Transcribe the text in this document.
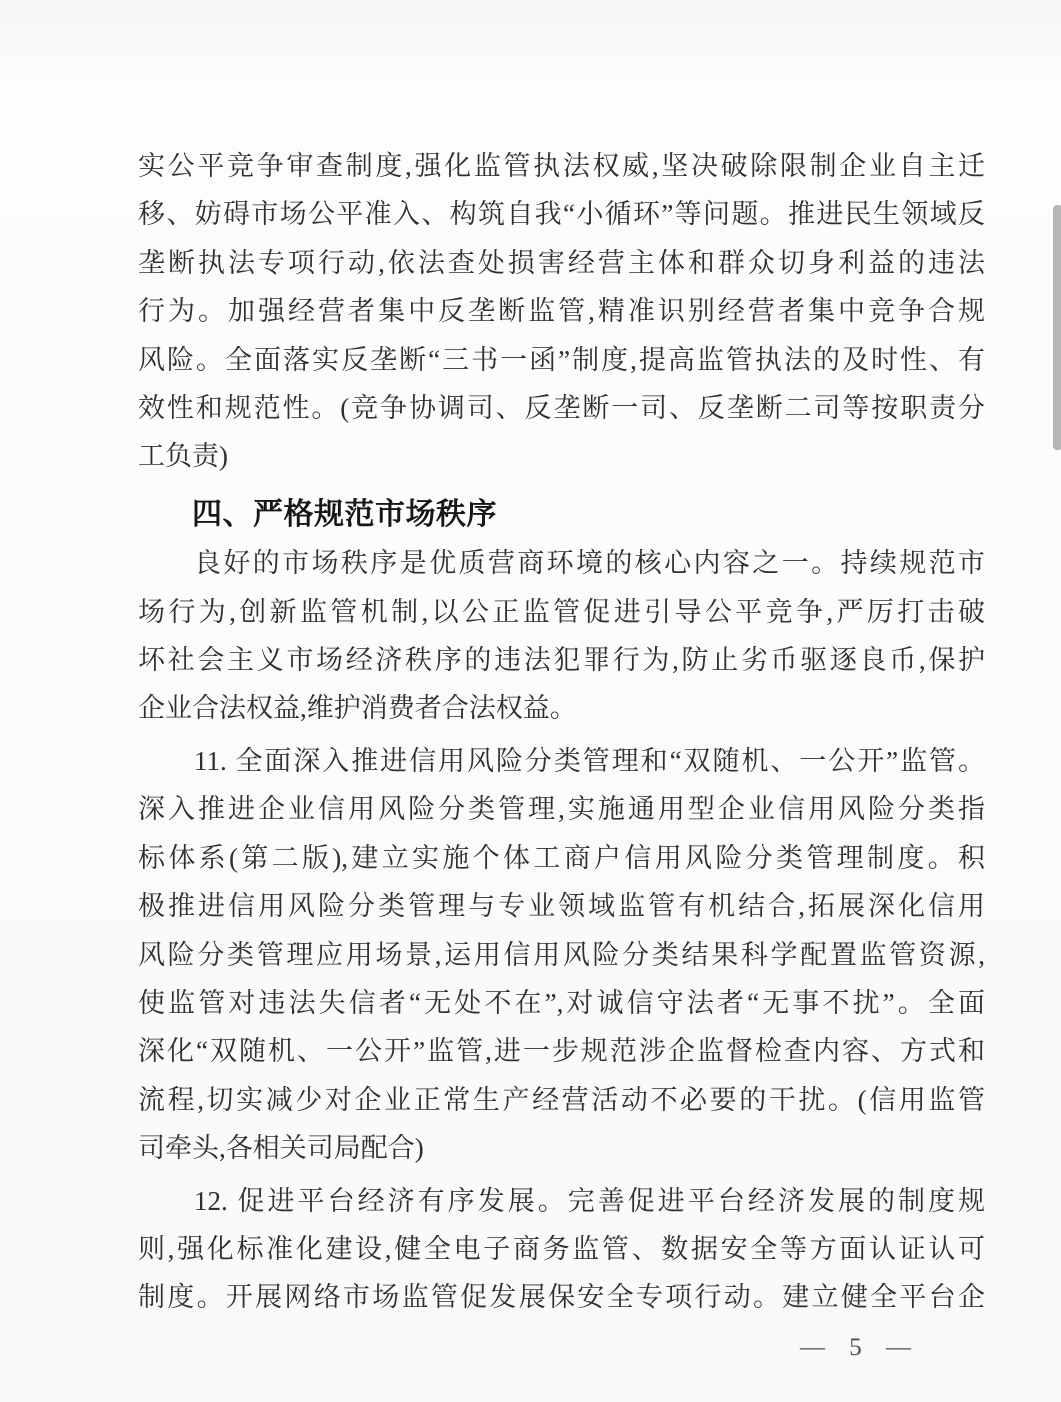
实公平竞争审查制度,强化监管执法权威,坚决破除限制企业自主迁
移、妨碍市场公平准入、构筑自我“小循环”等问题。推进民生领域反
垄断执法专项行动,依法查处损害经营主体和群众切身利益的违法
行为。加强经营者集中反垄断监管,精准识别经营者集中竞争合规
风险。全面落实反垄断“三书一函”制度,提高监管执法的及时性、有
效性和规范性。(竞争协调司、反垄断一司、反垄断二司等按职责分
工负责)
四、严格规范市场秩序
良好的市场秩序是优质营商环境的核心内容之一。持续规范市
场行为,创新监管机制,以公正监管促进引导公平竞争,严厉打击破
坏社会主义市场经济秩序的违法犯罪行为,防止劣币驱逐良币,保护
企业合法权益,维护消费者合法权益。
11. 全面深入推进信用风险分类管理和“双随机、一公开”监管。
深入推进企业信用风险分类管理,实施通用型企业信用风险分类指
标体系(第二版),建立实施个体工商户信用风险分类管理制度。积
极推进信用风险分类管理与专业领域监管有机结合,拓展深化信用
风险分类管理应用场景,运用信用风险分类结果科学配置监管资源,
使监管对违法失信者“无处不在”,对诚信守法者“无事不扰”。全面
深化“双随机、一公开”监管,进一步规范涉企监督检查内容、方式和
流程,切实减少对企业正常生产经营活动不必要的干扰。(信用监管
司牵头,各相关司局配合)
12. 促进平台经济有序发展。完善促进平台经济发展的制度规
则,强化标准化建设,健全电子商务监管、数据安全等方面认证认可
制度。开展网络市场监管促发展保安全专项行动。建立健全平台企
— 5 —
